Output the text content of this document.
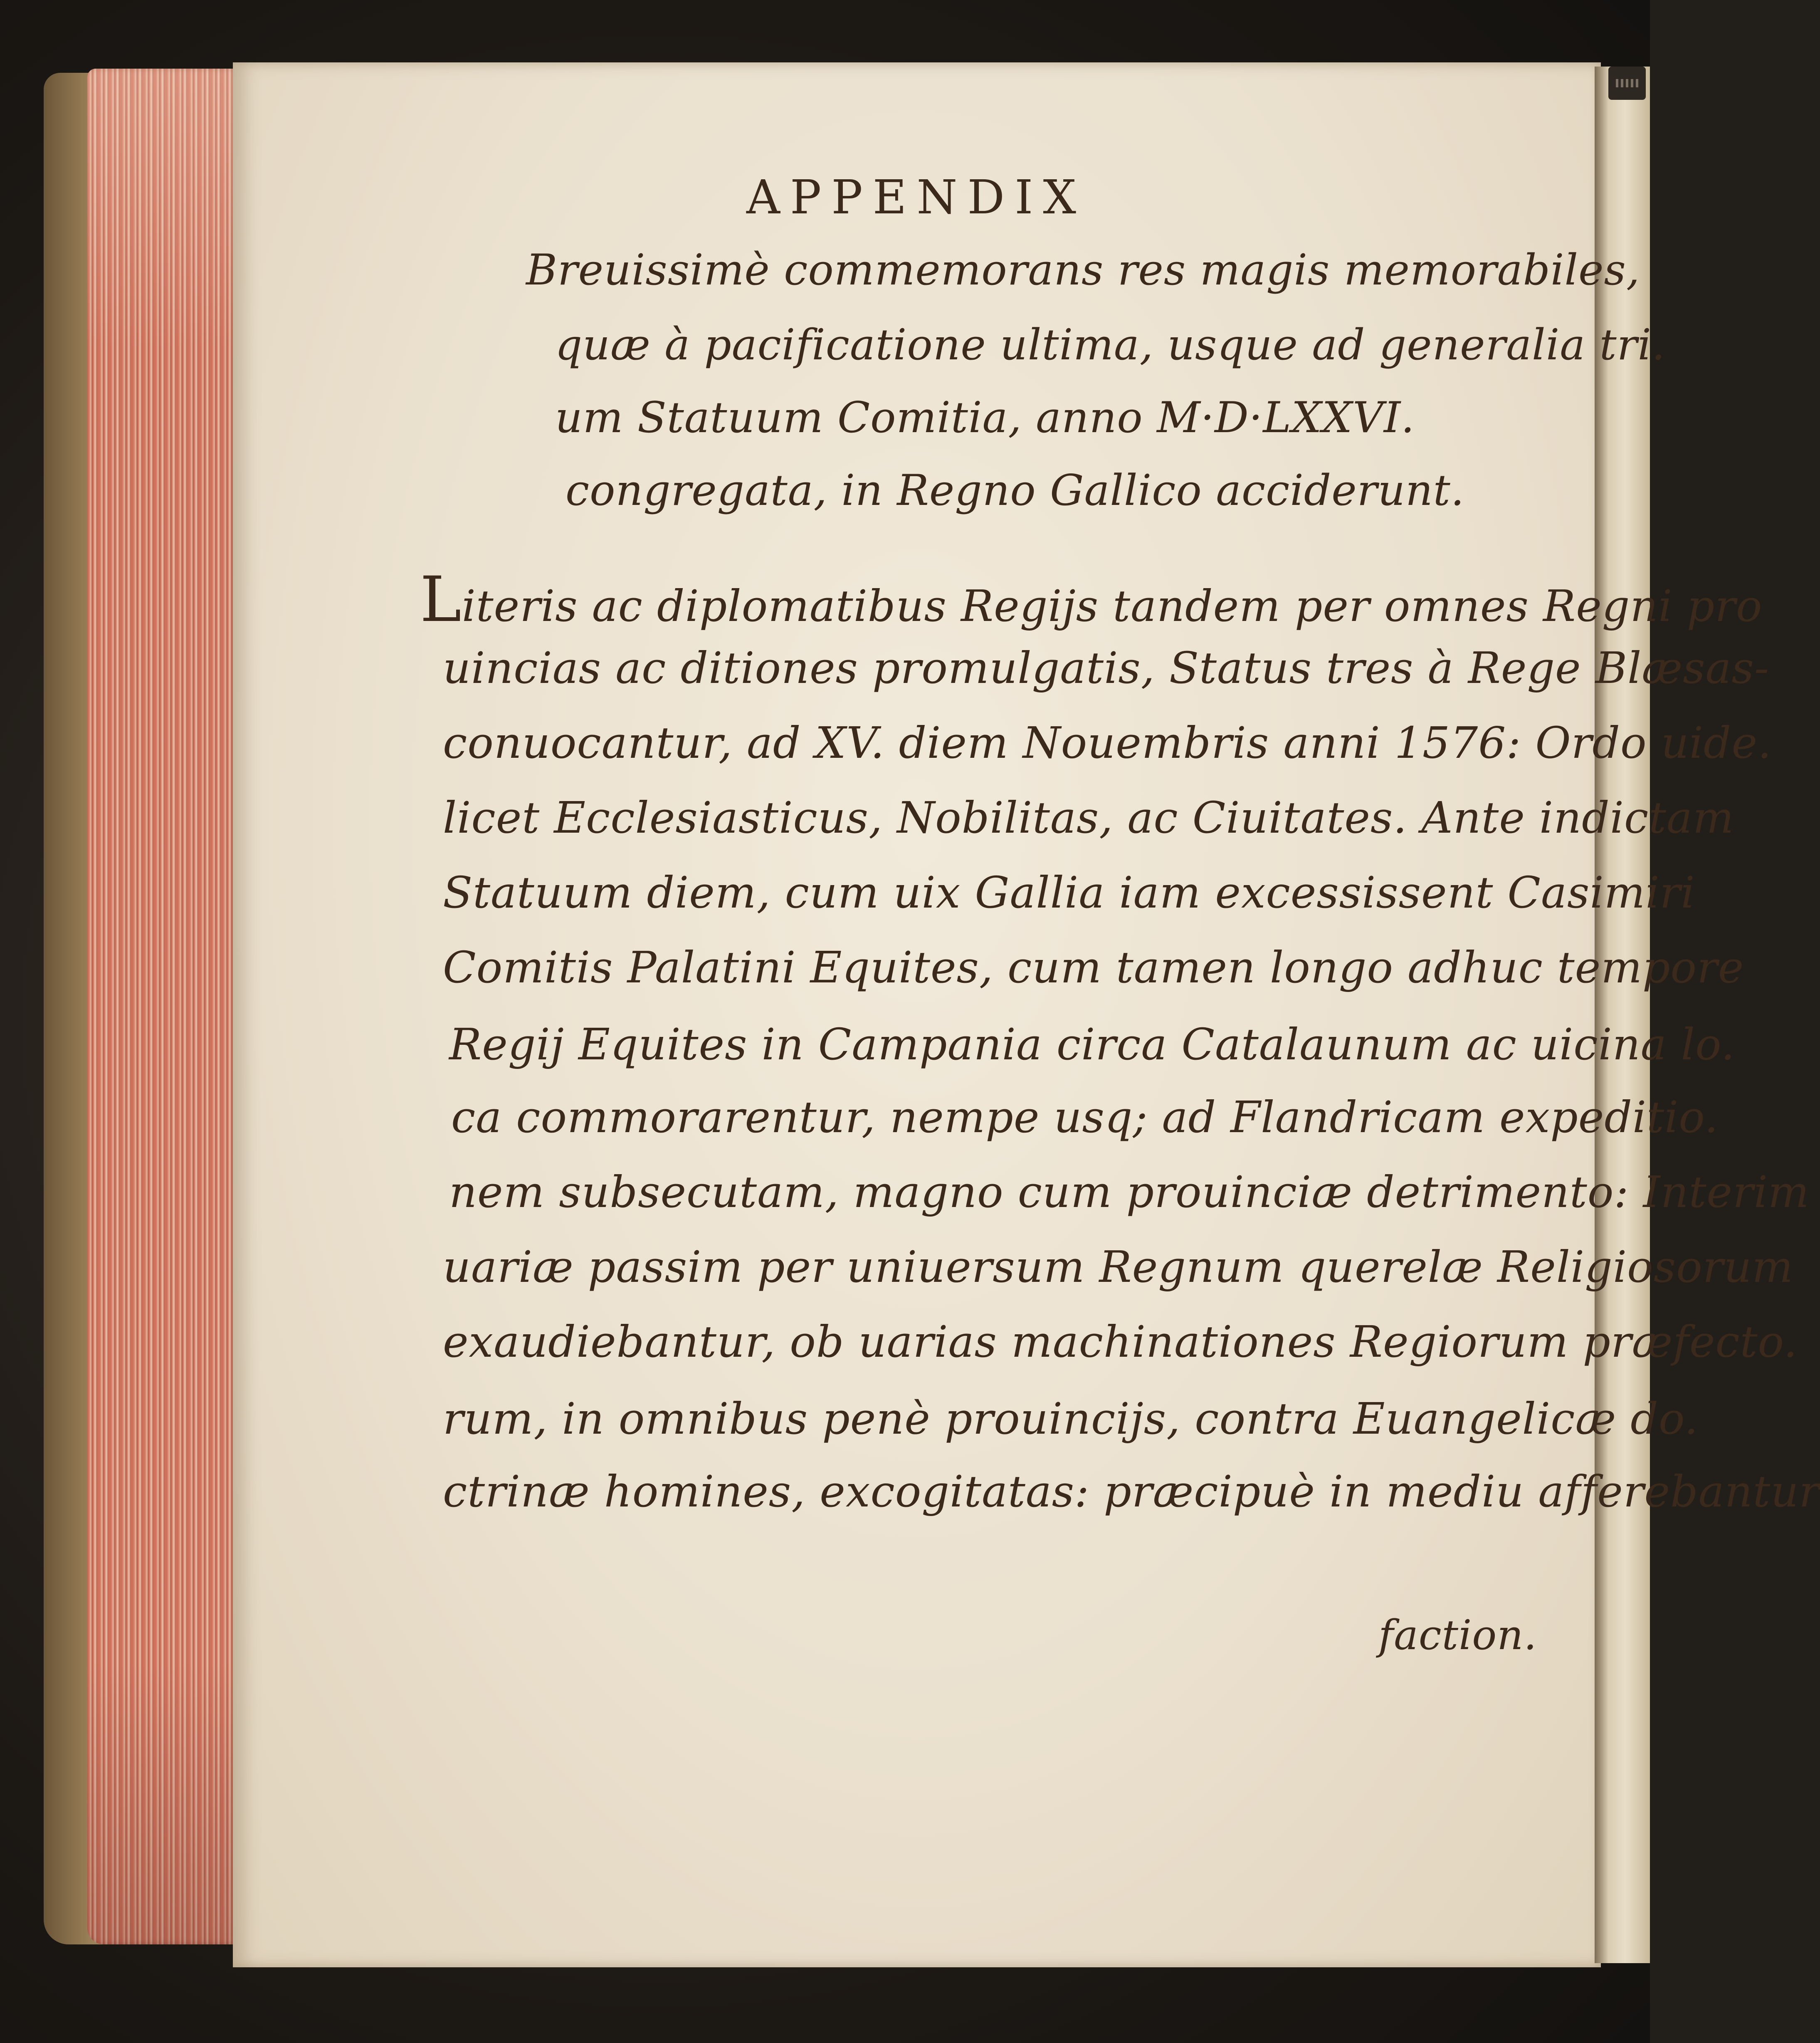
APPENDIX
Breuissimè commemorans res magis memorabiles,
quæ à pacificatione ultima, usque ad generalia tri.
um Statuum Comitia, anno M·D·LXXVI.
congregata, in Regno Gallico acciderunt.
Literis ac diplomatibus Regijs tandem per omnes Regni pro
uincias ac ditiones promulgatis, Status tres à Rege Blæsas-
conuocantur, ad XV. diem Nouembris anni 1576: Ordo uide.
licet Ecclesiasticus, Nobilitas, ac Ciuitates. Ante indictam
Statuum diem, cum uix Gallia iam excessissent Casimiri
Comitis Palatini Equites, cum tamen longo adhuc tempore
Regij Equites in Campania circa Catalaunum ac uicina lo.
ca commorarentur, nempe usq; ad Flandricam expeditio.
nem subsecutam, magno cum prouinciæ detrimento: Interim
uariæ passim per uniuersum Regnum querelæ Religiosorum
exaudiebantur, ob uarias machinationes Regiorum præfecto.
rum, in omnibus penè prouincijs, contra Euangelicæ do.
ctrinæ homines, excogitatas: præcipuè in mediu afferebantur
faction.
